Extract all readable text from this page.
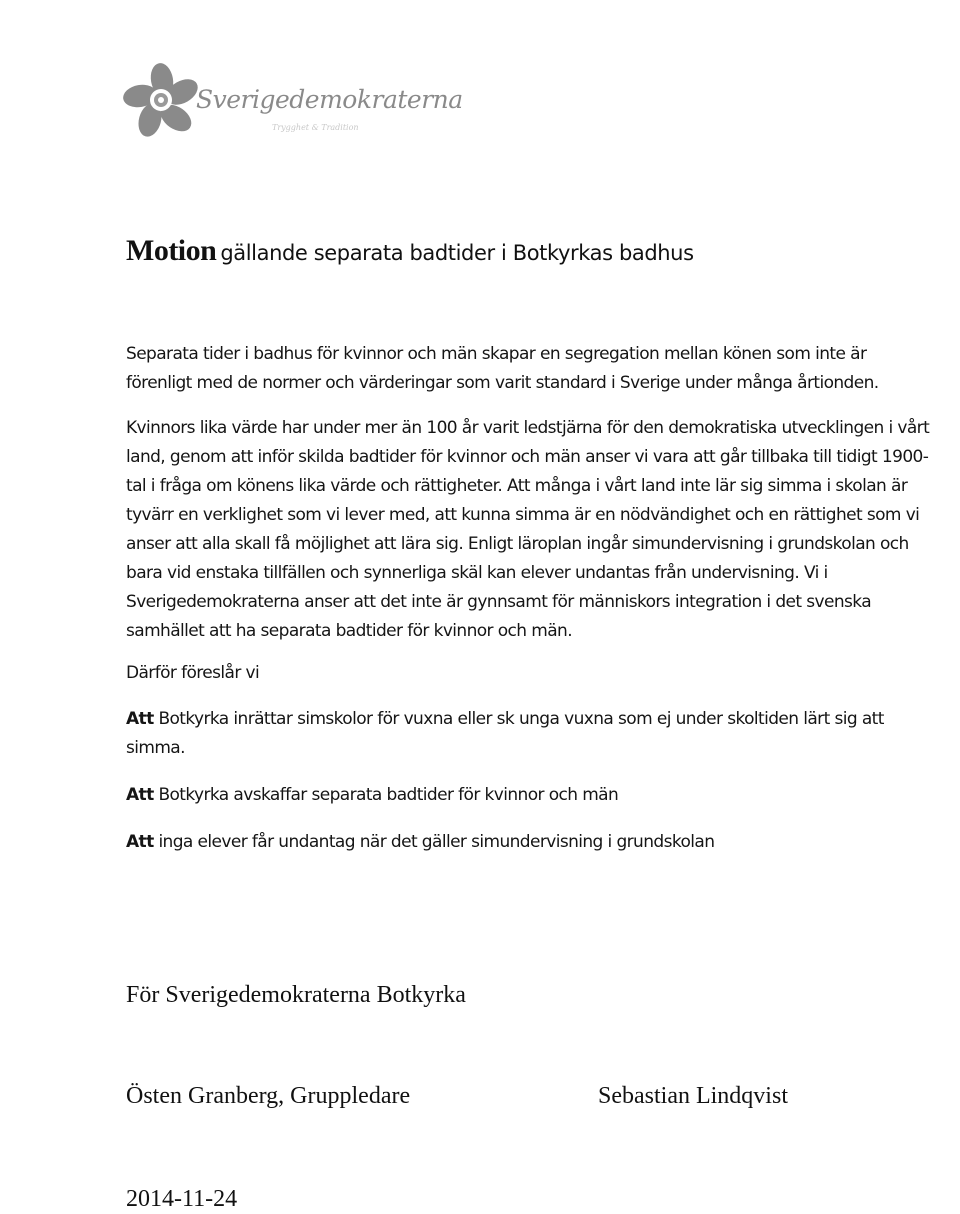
Sverigedemokraterna
Trygghet & Tradition
Motion gällande separata badtider i Botkyrkas badhus

Separata tider i badhus för kvinnor och män skapar en segregation mellan könen som inte är
förenligt med de normer och värderingar som varit standard i Sverige under många årtionden.

Kvinnors lika värde har under mer än 100 år varit ledstjärna för den demokratiska utvecklingen i vårt
land, genom att inför skilda badtider för kvinnor och män anser vi vara att går tillbaka till tidigt 1900-
tal i fråga om könens lika värde och rättigheter. Att många i vårt land inte lär sig simma i skolan är
tyvärr en verklighet som vi lever med, att kunna simma är en nödvändighet och en rättighet som vi
anser att alla skall få möjlighet att lära sig. Enligt läroplan ingår simundervisning i grundskolan och
bara vid enstaka tillfällen och synnerliga skäl kan elever undantas från undervisning. Vi i
Sverigedemokraterna anser att det inte är gynnsamt för människors integration i det svenska
samhället att ha separata badtider för kvinnor och män.

Därför föreslår vi

Att Botkyrka inrättar simskolor för vuxna eller sk unga vuxna som ej under skoltiden lärt sig att
simma.

Att Botkyrka avskaffar separata badtider för kvinnor och män

Att inga elever får undantag när det gäller simundervisning i grundskolan

För Sverigedemokraterna Botkyrka
Östen Granberg, Gruppledare	Sebastian Lindqvist
2014-11-24
